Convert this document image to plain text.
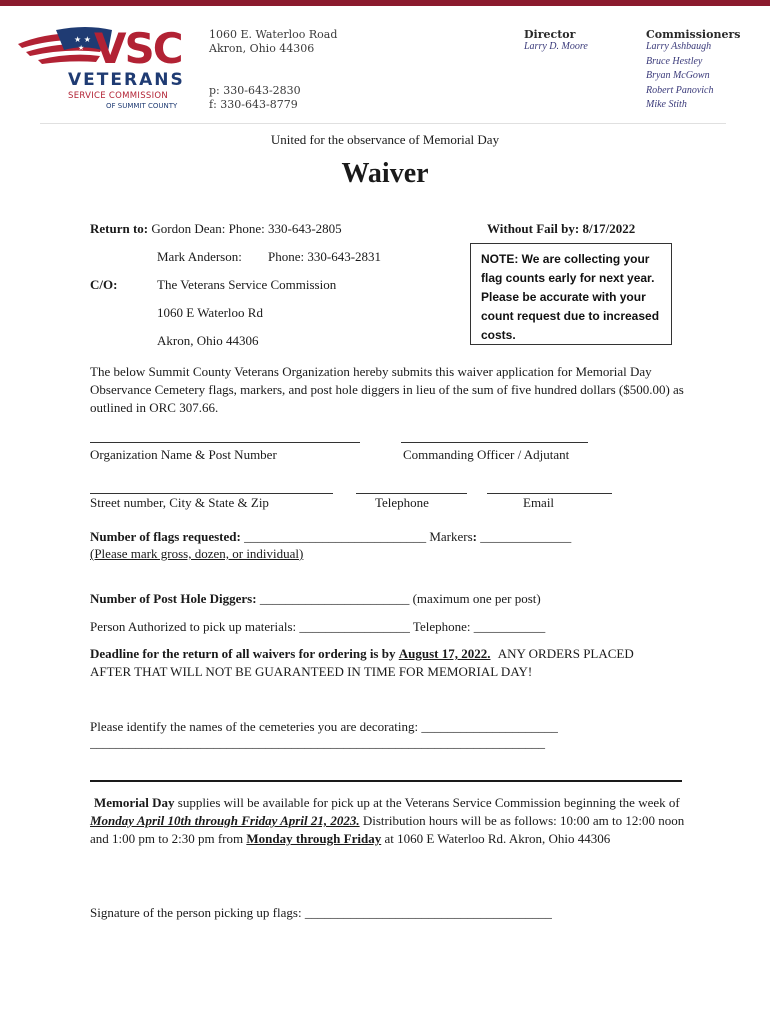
★ ★
★ VSC
VETERANS
SERVICE COMMISSION
OF SUMMIT COUNTY
1060 E. Waterloo Road
Akron, Ohio 44306
p: 330-643-2830
f: 330-643-8779
Director
Larry D. Moore
Commissioners
Larry Ashbaugh
Bruce Hestley
Bryan McGown
Robert Panovich
Mike Stith
United for the observance of Memorial Day
Waiver
Return to: Gordon Dean: Phone: 330-643-2805
Mark Anderson: Phone: 330-643-2831
C/O:	The Veterans Service Commission
1060 E Waterloo Rd
Akron, Ohio 44306
Without Fail by: 8/17/2022
NOTE: We are collecting your
flag counts early for next year.
Please be accurate with your
count request due to increased
costs.
The below Summit County Veterans Organization hereby submits this waiver application for Memorial Day Observance Cemetery flags, markers, and post hole diggers in lieu of the sum of five hundred dollars ($500.00) as outlined in ORC 307.66.
Organization Name & Post Number	Commanding Officer / Adjutant
Street number, City & State & Zip	Telephone	Email
Number of flags requested: ____________________________ Markers: ______________
(Please mark gross, dozen, or individual)
Number of Post Hole Diggers: _______________________ (maximum one per post)
Person Authorized to pick up materials: _________________ Telephone: ___________
Deadline for the return of all waivers for ordering is by August 17, 2022. ANY ORDERS PLACED
AFTER THAT WILL NOT BE GUARANTEED IN TIME FOR MEMORIAL DAY!
Please identify the names of the cemeteries you are decorating: _____________________
______________________________________________________________________
Memorial Day supplies will be available for pick up at the Veterans Service Commission beginning the week of Monday April 10th through Friday April 21, 2023. Distribution hours will be as follows: 10:00 am to 12:00 noon and 1:00 pm to 2:30 pm from Monday through Friday at 1060 E Waterloo Rd. Akron, Ohio 44306
Signature of the person picking up flags: ______________________________________
